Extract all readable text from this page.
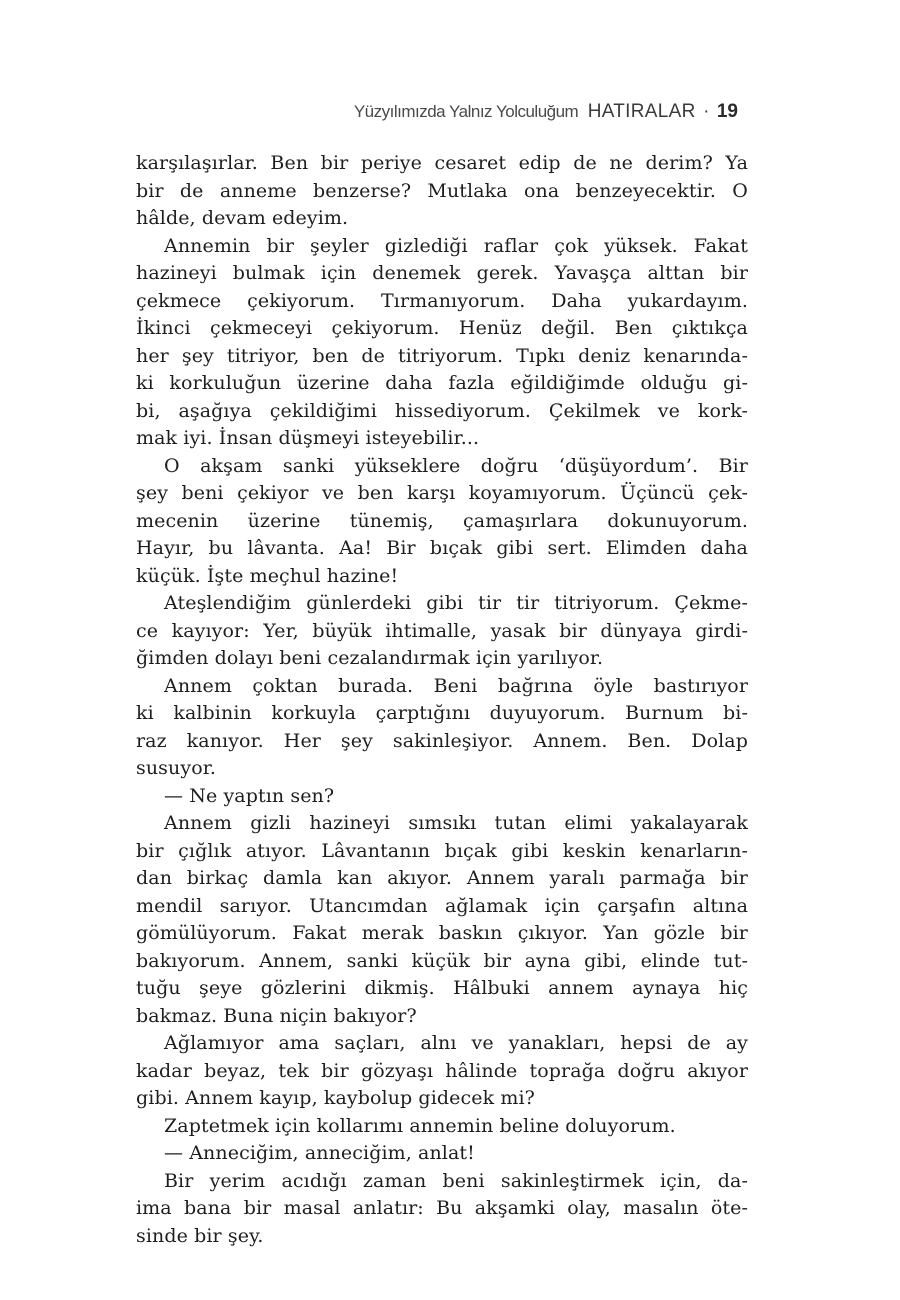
Yüzyılımızda Yalnız Yolculuğum HATIRALAR · 19

karşılaşırlar. Ben bir periye cesaret edip de ne derim? Ya

bir de anneme benzerse? Mutlaka ona benzeyecektir. O

hâlde, devam edeyim.

Annemin bir şeyler gizlediği raflar çok yüksek. Fakat

hazineyi bulmak için denemek gerek. Yavaşça alttan bir

çekmece çekiyorum. Tırmanıyorum. Daha yukardayım.

İkinci çekmeceyi çekiyorum. Henüz değil. Ben çıktıkça

her şey titriyor, ben de titriyorum. Tıpkı deniz kenarında-

ki korkuluğun üzerine daha fazla eğildiğimde olduğu gi-

bi, aşağıya çekildiğimi hissediyorum. Çekilmek ve kork-

mak iyi. İnsan düşmeyi isteyebilir...

O akşam sanki yükseklere doğru ‘düşüyordum’. Bir

şey beni çekiyor ve ben karşı koyamıyorum. Üçüncü çek-

mecenin üzerine tünemiş, çamaşırlara dokunuyorum.

Hayır, bu lâvanta. Aa! Bir bıçak gibi sert. Elimden daha

küçük. İşte meçhul hazine!

Ateşlendiğim günlerdeki gibi tir tir titriyorum. Çekme-

ce kayıyor: Yer, büyük ihtimalle, yasak bir dünyaya girdi-

ğimden dolayı beni cezalandırmak için yarılıyor.

Annem çoktan burada. Beni bağrına öyle bastırıyor

ki kalbinin korkuyla çarptığını duyuyorum. Burnum bi-

raz kanıyor. Her şey sakinleşiyor. Annem. Ben. Dolap

susuyor.

— Ne yaptın sen?

Annem gizli hazineyi sımsıkı tutan elimi yakalayarak

bir çığlık atıyor. Lâvantanın bıçak gibi keskin kenarların-

dan birkaç damla kan akıyor. Annem yaralı parmağa bir

mendil sarıyor. Utancımdan ağlamak için çarşafın altına

gömülüyorum. Fakat merak baskın çıkıyor. Yan gözle bir

bakıyorum. Annem, sanki küçük bir ayna gibi, elinde tut-

tuğu şeye gözlerini dikmiş. Hâlbuki annem aynaya hiç

bakmaz. Buna niçin bakıyor?

Ağlamıyor ama saçları, alnı ve yanakları, hepsi de ay

kadar beyaz, tek bir gözyaşı hâlinde toprağa doğru akıyor

gibi. Annem kayıp, kaybolup gidecek mi?

Zaptetmek için kollarımı annemin beline doluyorum.

— Anneciğim, anneciğim, anlat!

Bir yerim acıdığı zaman beni sakinleştirmek için, da-

ima bana bir masal anlatır: Bu akşamki olay, masalın öte-

sinde bir şey.
